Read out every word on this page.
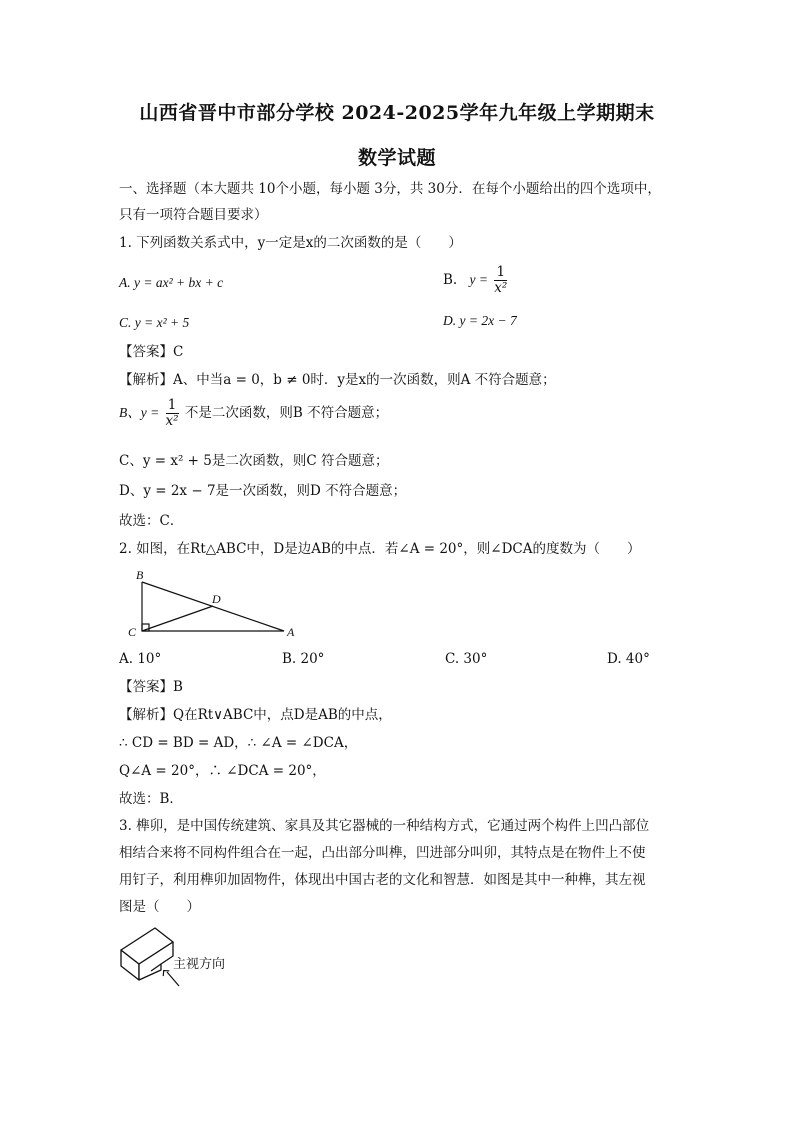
山西省晋中市部分学校 2024-2025学年九年级上学期期末
数学试题
一、选择题（本大题共 10个小题，每小题 3分，共 30分．在每个小题给出的四个选项中，
只有一项符合题目要求）
1. 下列函数关系式中，y一定是x的二次函数的是（　　）
A. y = ax² + bx + c	B. $y = \frac{1}{\text{x²}}$
C. y = x² + 5	D. y = 2x − 7
【答案】C
【解析】A、中当a = 0，b ≠ 0时．y是x的一次函数，则A 不符合题意；
B、$y = \frac{1}{\text{x²}}$ 不是二次函数，则B 不符合题意；
C、y = x² + 5是二次函数，则C 符合题意；
D、y = 2x − 7是一次函数，则D 不符合题意；
故选：C．
2. 如图，在Rt△ABC中，D是边AB的中点．若∠A = 20°，则∠DCA的度数为（　　）
B
C
D
A
A. 10°	B. 20°	C. 30°	D. 40°
【答案】B
【解析】Q在Rt∨ABC中，点D是AB的中点，
∴ CD = BD = AD，∴ ∠A = ∠DCA，
Q∠A = 20°，∴ ∠DCA = 20°，
故选：B．
3. 榫卯，是中国传统建筑、家具及其它器械的一种结构方式，它通过两个构件上凹凸部位
相结合来将不同构件组合在一起，凸出部分叫榫，凹进部分叫卯，其特点是在物件上不使
用钉子，利用榫卯加固物件，体现出中国古老的文化和智慧．如图是其中一种榫，其左视
图是（　　）
主视方向
